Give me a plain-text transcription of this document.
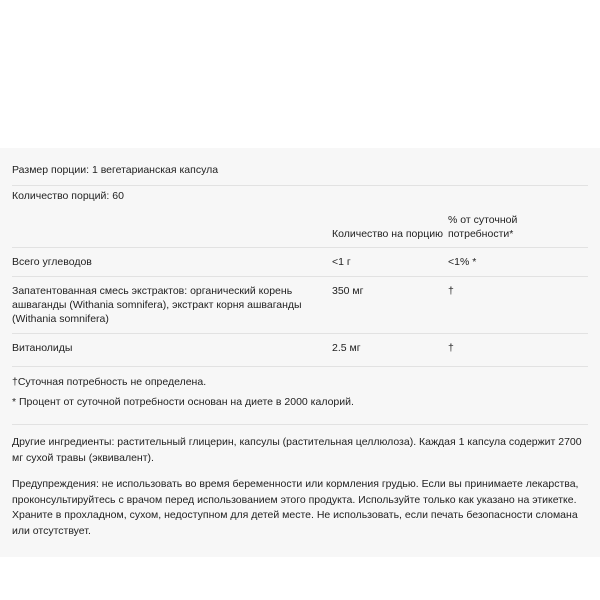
Размер порции: 1 вегетарианская капсула
Количество порций: 60
	Количество на порцию	% от суточной потребности*
Всего углеводов	<1 г	<1% *
Запатентованная смесь экстрактов: органический корень ашваганды (Withania somnifera), экстракт корня ашваганды (Withania somnifera)	350 мг	†
Витанолиды	2.5 мг	†
†Суточная потребность не определена.
* Процент от суточной потребности основан на диете в 2000 калорий.

Другие ингредиенты: растительный глицерин, капсулы (растительная целлюлоза). Каждая 1 капсула содержит 2700 мг сухой травы (эквивалент).

Предупреждения: не использовать во время беременности или кормления грудью. Если вы принимаете лекарства, проконсультируйтесь с врачом перед использованием этого продукта. Используйте только как указано на этикетке. Храните в прохладном, сухом, недоступном для детей месте. Не использовать, если печать безопасности сломана или отсутствует.
